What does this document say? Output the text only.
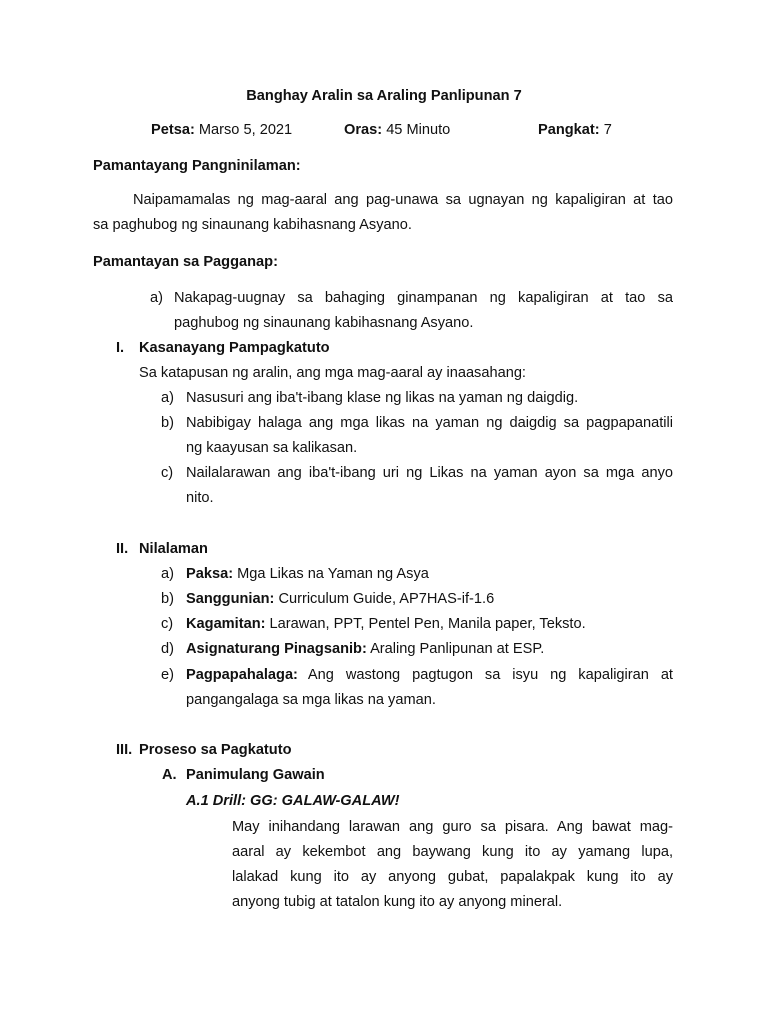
Banghay Aralin sa Araling Panlipunan 7
Petsa: Marso 5, 2021	Oras: 45 Minuto	Pangkat: 7
Pamantayang Pangninilaman:
Naipamamalas ng mag-aaral ang pag-unawa sa ugnayan ng kapaligiran at tao
sa paghubog ng sinaunang kabihasnang Asyano.
Pamantayan sa Pagganap:
a) Nakapag-uugnay sa bahaging ginampanan ng kapaligiran at tao sa
paghubog ng sinaunang kabihasnang Asyano.
I. Kasanayang Pampagkatuto
Sa katapusan ng aralin, ang mga mag-aaral ay inaasahang:
a) Nasusuri ang iba't-ibang klase ng likas na yaman ng daigdig.
b) Nabibigay halaga ang mga likas na yaman ng daigdig sa pagpapanatili
ng kaayusan sa kalikasan.
c) Nailalarawan ang iba't-ibang uri ng Likas na yaman ayon sa mga anyo
nito.
II. Nilalaman
a) Paksa: Mga Likas na Yaman ng Asya
b) Sanggunian: Curriculum Guide, AP7HAS-if-1.6
c) Kagamitan: Larawan, PPT, Pentel Pen, Manila paper, Teksto.
d) Asignaturang Pinagsanib: Araling Panlipunan at ESP.
e) Pagpapahalaga: Ang wastong pagtugon sa isyu ng kapaligiran at
pangangalaga sa mga likas na yaman.
III. Proseso sa Pagkatuto
A. Panimulang Gawain
A.1 Drill: GG: GALAW-GALAW!
May inihandang larawan ang guro sa pisara. Ang bawat mag-
aaral ay kekembot ang baywang kung ito ay yamang lupa,
lalakad kung ito ay anyong gubat, papalakpak kung ito ay
anyong tubig at tatalon kung ito ay anyong mineral.
